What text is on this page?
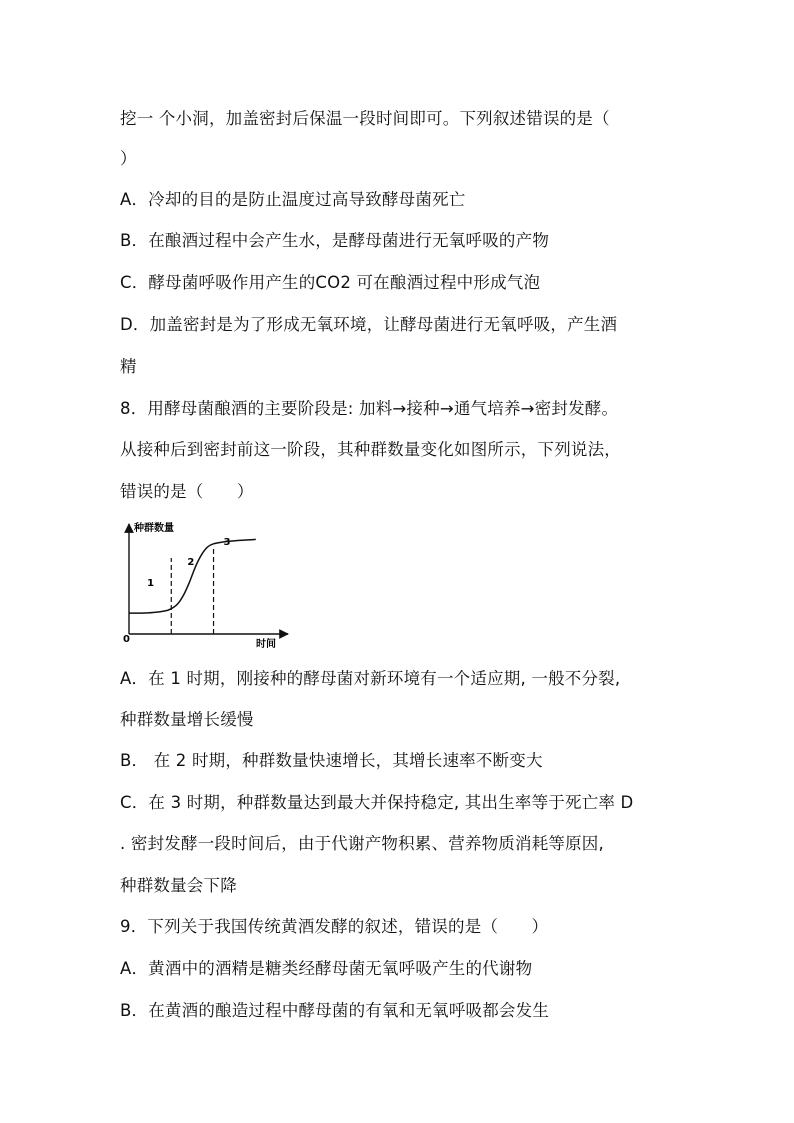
挖一 个小洞，加盖密封后保温一段时间即可。下列叙述错误的是（
）
A．冷却的目的是防止温度过高导致酵母菌死亡
B．在酿酒过程中会产生水，是酵母菌进行无氧呼吸的产物
C．酵母菌呼吸作用产生的CO2 可在酿酒过程中形成气泡
D．加盖密封是为了形成无氧环境，让酵母菌进行无氧呼吸，产生酒
精
8．用酵母菌酿酒的主要阶段是: 加料→接种→通气培养→密封发酵。
从接种后到密封前这一阶段，其种群数量变化如图所示，下列说法，
错误的是（　　）
种群数量
时间
0
1
2
3
A．在 1 时期，刚接种的酵母菌对新环境有一个适应期, 一般不分裂,
种群数量增长缓慢
B． 在 2 时期，种群数量快速增长，其增长速率不断变大
C．在 3 时期，种群数量达到最大并保持稳定, 其出生率等于死亡率 D
. 密封发酵一段时间后，由于代谢产物积累、营养物质消耗等原因,
种群数量会下降
9．下列关于我国传统黄酒发酵的叙述，错误的是（　　）
A．黄酒中的酒精是糖类经酵母菌无氧呼吸产生的代谢物
B．在黄酒的酿造过程中酵母菌的有氧和无氧呼吸都会发生
